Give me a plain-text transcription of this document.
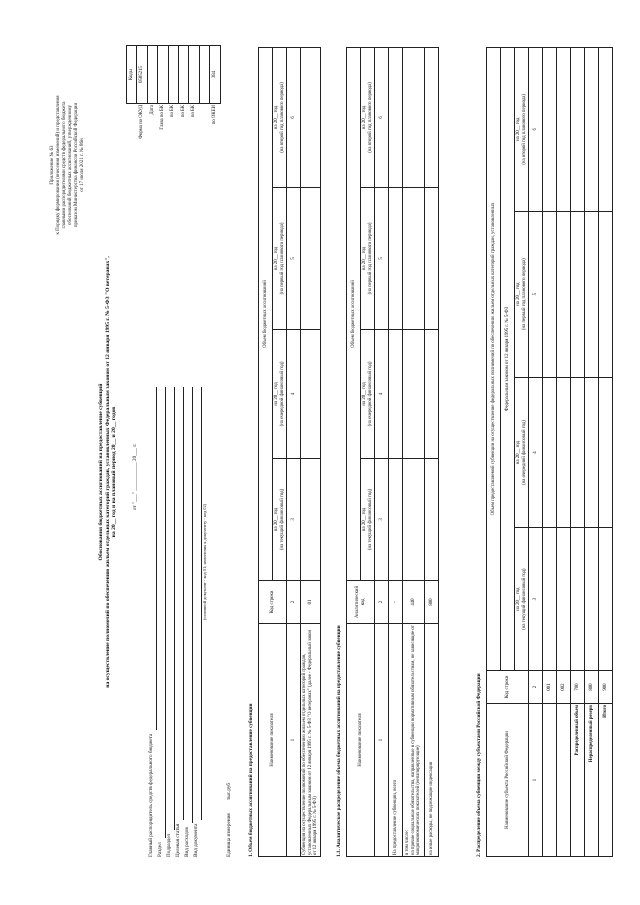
Приложение № 63 к Порядку формирования (внесения изменений) и представления главными распорядителями средств федерального бюджета обоснований бюджетных ассигнований, утвержденному приказом Министерства финансов Российской Федерации от 17 июля 2021 г. № 86н
Обоснования бюджетных ассигнований на предоставление субвенций на осуществление полномочий по обеспечению жильем отдельных категорий граждан, установленных Федеральным законом от 12 января 1995 г. № 5-ФЗ "О ветеранах", на 20__ год и на плановый период 20__ и 20__ годов	от "___" ___________ 20___ г.
	Коды
Форма по ОКУД	0505215
Дата	
Глава по БК	
по БК	
по БК	
по БК	

по ОКЕИ	384
Главный распорядитель средств федерального бюджета Раздел Подраздел Целевая статья Вид расходов Вид документа
(основной документ - код 01; изменения к документу - код 02)
Единица измерения тыс.руб	1. Объем бюджетных ассигнований на предоставление субвенции	Наименование показателя	Код строки	Объем бюджетных ассигнований			
		на 20__ год
(на текущий финансовый год)	на 20__ год
(на очередной финансовый год)	на 20__ год
(на первый год планового периода)	на 20__ год
(на второй год планового периода)
1	2	3	4	5	6
Субвенция на осуществление полномочий по обеспечению жильем отдельных категорий граждан, установленных Федеральным законом от 12 января 1995 г. № 5-ФЗ "О ветеранах" (далее - Федеральный закон от 12 января 1995 г. № 5-ФЗ)	01				
1.1. Аналитическое распределение объема бюджетных ассигнований на предоставление субвенции	Наименование показателя	Аналитический код	Объем бюджетных ассигнований			
		на 20__ год
(на текущий финансовый год)	на 20__ год
(на очередной финансовый год)	на 20__ год
(на первый год планового периода)	на 20__ год
(на второй год планового периода)
1	2	3	4	5	6
На предоставление субвенции, всего	-				
в том числе:
на прочие социальные обязательства, направленные в субвенции нормативным обязательствам, не зависящие от макроэкономических показателей (непапорирующие)	440				
на иные расходы, не подлежащие индексации	800				
2. Распределение объема субвенции между субъектами Российской Федерации	Наименование субъекта Российской Федерации	Код строки	Объем предоставляемой субвенции на осуществление федеральных полномочий по обеспечению жильем отдельных категорий граждан, установленных			
		Федеральным законом от 12 января 1995 г. № 5-ФЗ			
		на 20__ год
(на текущий финансовый год)	на 20__ год
(на очередной финансовый год)	на 20__ год
(на первый год планового периода)	на 20__ год
(на второй год планового периода)
1	2	3	4	5	6
	001				
	002				
Распределенный объем	700				
Нераспределенный резерв	800				
Итого	900				
